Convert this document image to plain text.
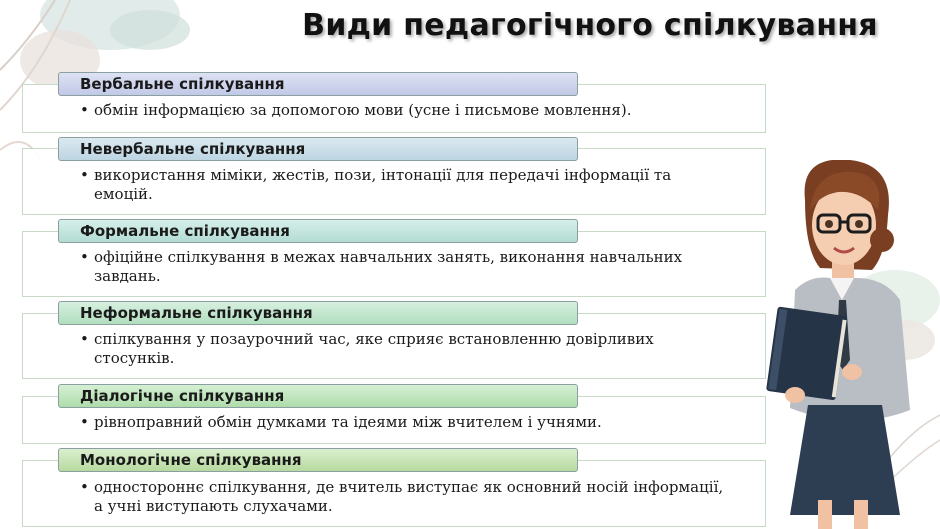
Види педагогічного спілкування
Вербальне спілкування
• обмін інформацією за допомогою мови (усне і письмове мовлення).
Невербальне спілкування
• використання міміки, жестів, пози, інтонації для передачі інформації та емоцій.
Формальне спілкування
• офіційне спілкування в межах навчальних занять, виконання навчальних завдань.
Неформальне спілкування
• спілкування у позаурочний час, яке сприяє встановленню довірливих стосунків.
Діалогічне спілкування
• рівноправний обмін думками та ідеями між вчителем і учнями.
Монологічне спілкування
• одностороннє спілкування, де вчитель виступає як основний носій інформації, а учні виступають слухачами.
